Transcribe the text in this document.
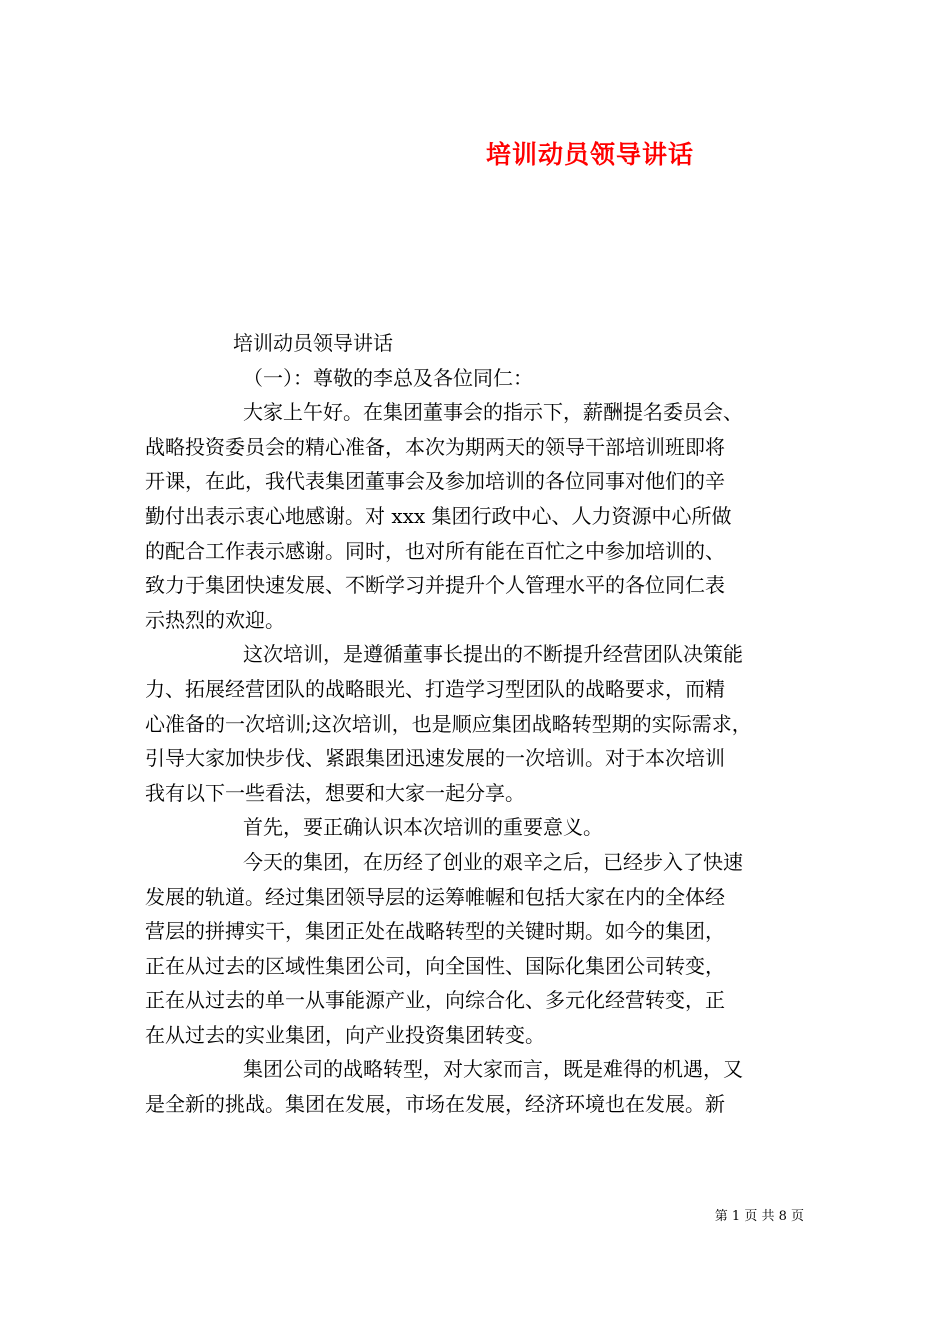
培训动员领导讲话
培训动员领导讲话
（一）：尊敬的李总及各位同仁：
大家上午好。在集团董事会的指示下，薪酬提名委员会、
战略投资委员会的精心准备，本次为期两天的领导干部培训班即将
开课，在此，我代表集团董事会及参加培训的各位同事对他们的辛
勤付出表示衷心地感谢。对 xxx 集团行政中心、人力资源中心所做
的配合工作表示感谢。同时，也对所有能在百忙之中参加培训的、
致力于集团快速发展、不断学习并提升个人管理水平的各位同仁表
示热烈的欢迎。
这次培训，是遵循董事长提出的不断提升经营团队决策能
力、拓展经营团队的战略眼光、打造学习型团队的战略要求，而精
心准备的一次培训;这次培训，也是顺应集团战略转型期的实际需求，
引导大家加快步伐、紧跟集团迅速发展的一次培训。对于本次培训
我有以下一些看法，想要和大家一起分享。
首先，要正确认识本次培训的重要意义。
今天的集团，在历经了创业的艰辛之后，已经步入了快速
发展的轨道。经过集团领导层的运筹帷幄和包括大家在内的全体经
营层的拼搏实干，集团正处在战略转型的关键时期。如今的集团，
正在从过去的区域性集团公司，向全国性、国际化集团公司转变，
正在从过去的单一从事能源产业，向综合化、多元化经营转变，正
在从过去的实业集团，向产业投资集团转变。
集团公司的战略转型，对大家而言，既是难得的机遇，又
是全新的挑战。集团在发展，市场在发展，经济环境也在发展。新
第 1 页 共 8 页
